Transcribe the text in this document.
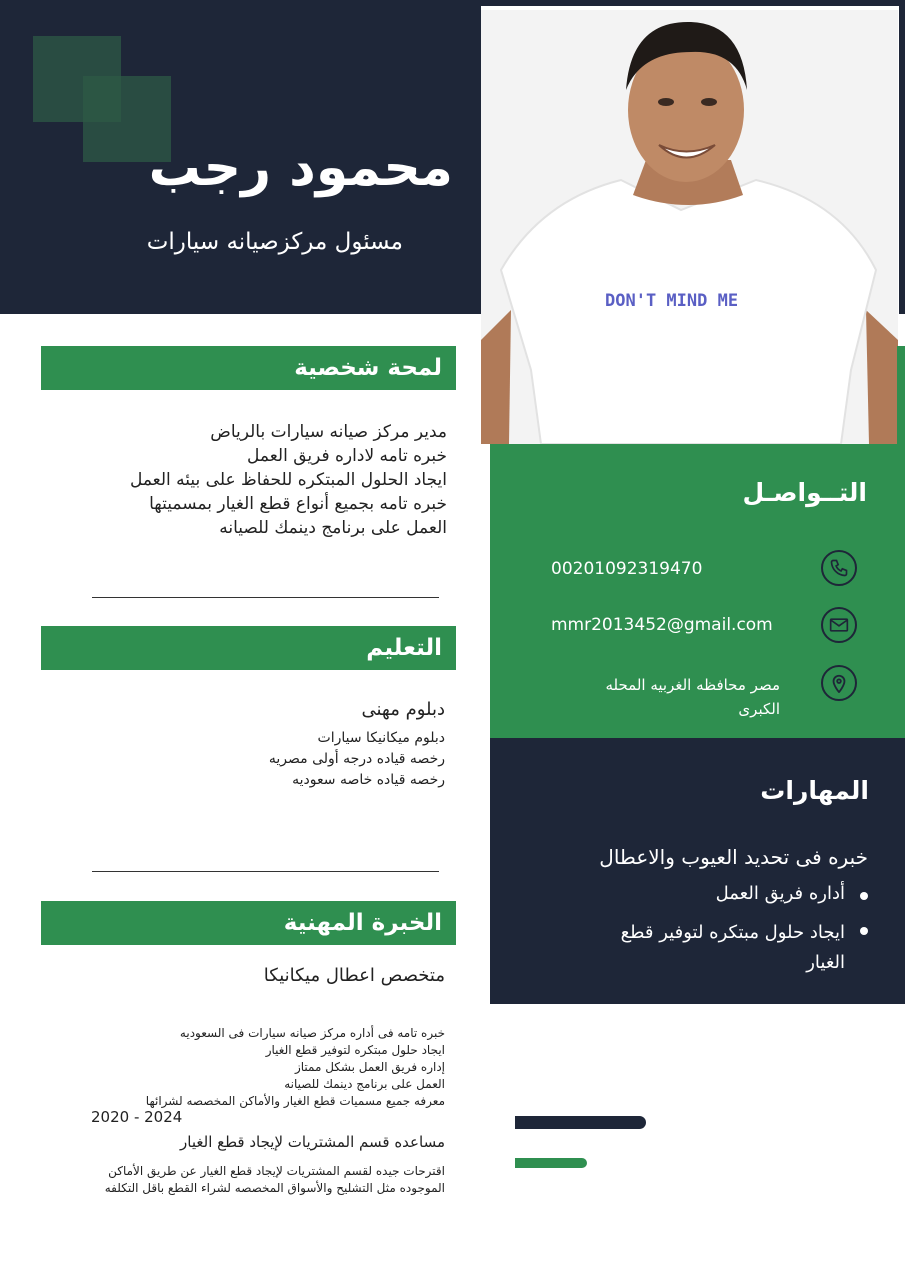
محمود رجب
مسئول مركزصيانه سيارات
DON'T MIND ME
لمحة شخصية
مدير مركز صيانه سيارات بالرياض
خبره تامه لاداره فريق العمل
ايجاد الحلول المبتكره للحفاظ على بيئه العمل
خبره تامه بجميع أنواع قطع الغيار بمسميتها
العمل على برنامج دينمك للصيانه
التعليم
دبلوم مهنى
دبلوم ميكانيكا سيارات
رخصه قياده درجه أولى مصريه
رخصه قياده خاصه سعوديه
الخبرة المهنية
متخصص اعطال ميكانيكا
خبره تامه فى أداره مركز صيانه سيارات فى السعوديه
ايجاد حلول مبتكره لتوفير قطع الغيار
إداره فريق العمل بشكل ممتاز
العمل على برنامج دينمك للصيانه
معرفه جميع مسميات قطع الغيار والأماكن المخصصه لشرائها
2020 - 2024
مساعده قسم المشتريات لإيجاد قطع الغيار
اقترحات جيده لقسم المشتريات لإيجاد قطع الغيار عن طريق الأماكن
الموجوده مثل التشليح والأسواق المخصصه لشراء القطع باقل التكلفه
التــواصـل
00201092319470
mmr2013452@gmail.com
مصر محافظه الغربيه المحله
الكبرى
المهارات
خبره فى تحديد العيوب والاعطال
أداره فريق العمل
ايجاد حلول مبتكره لتوفير قطع
الغيار
